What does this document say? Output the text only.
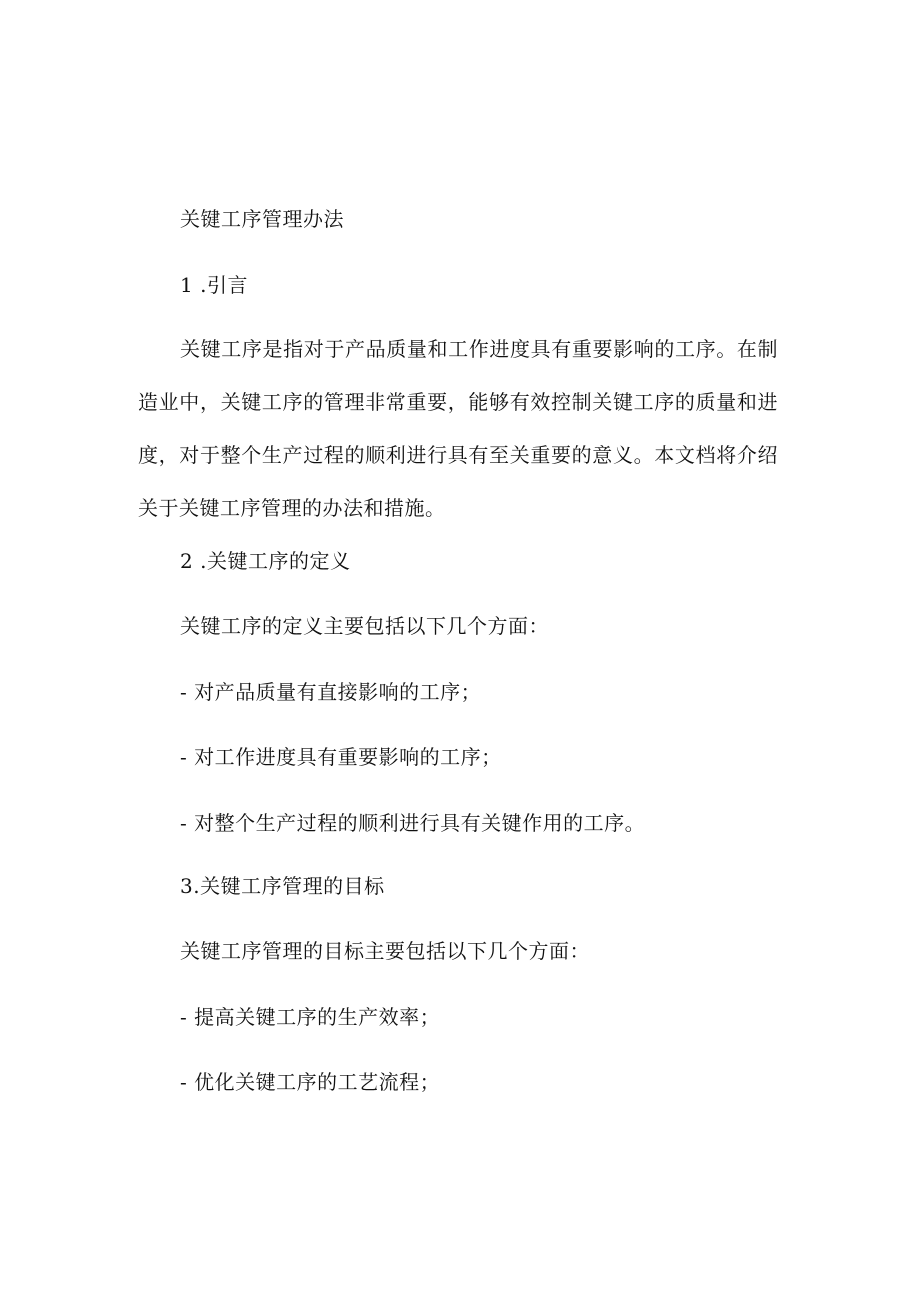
关键工序管理办法
1 .引言
关键工序是指对于产品质量和工作进度具有重要影响的工序。在制造业中，关键工序的管理非常重要，能够有效控制关键工序的质量和进度，对于整个生产过程的顺利进行具有至关重要的意义。本文档将介绍关于关键工序管理的办法和措施。
2 .关键工序的定义
关键工序的定义主要包括以下几个方面：
- 对产品质量有直接影响的工序；
- 对工作进度具有重要影响的工序；
- 对整个生产过程的顺利进行具有关键作用的工序。
3.关键工序管理的目标
关键工序管理的目标主要包括以下几个方面：
- 提高关键工序的生产效率；
- 优化关键工序的工艺流程；
